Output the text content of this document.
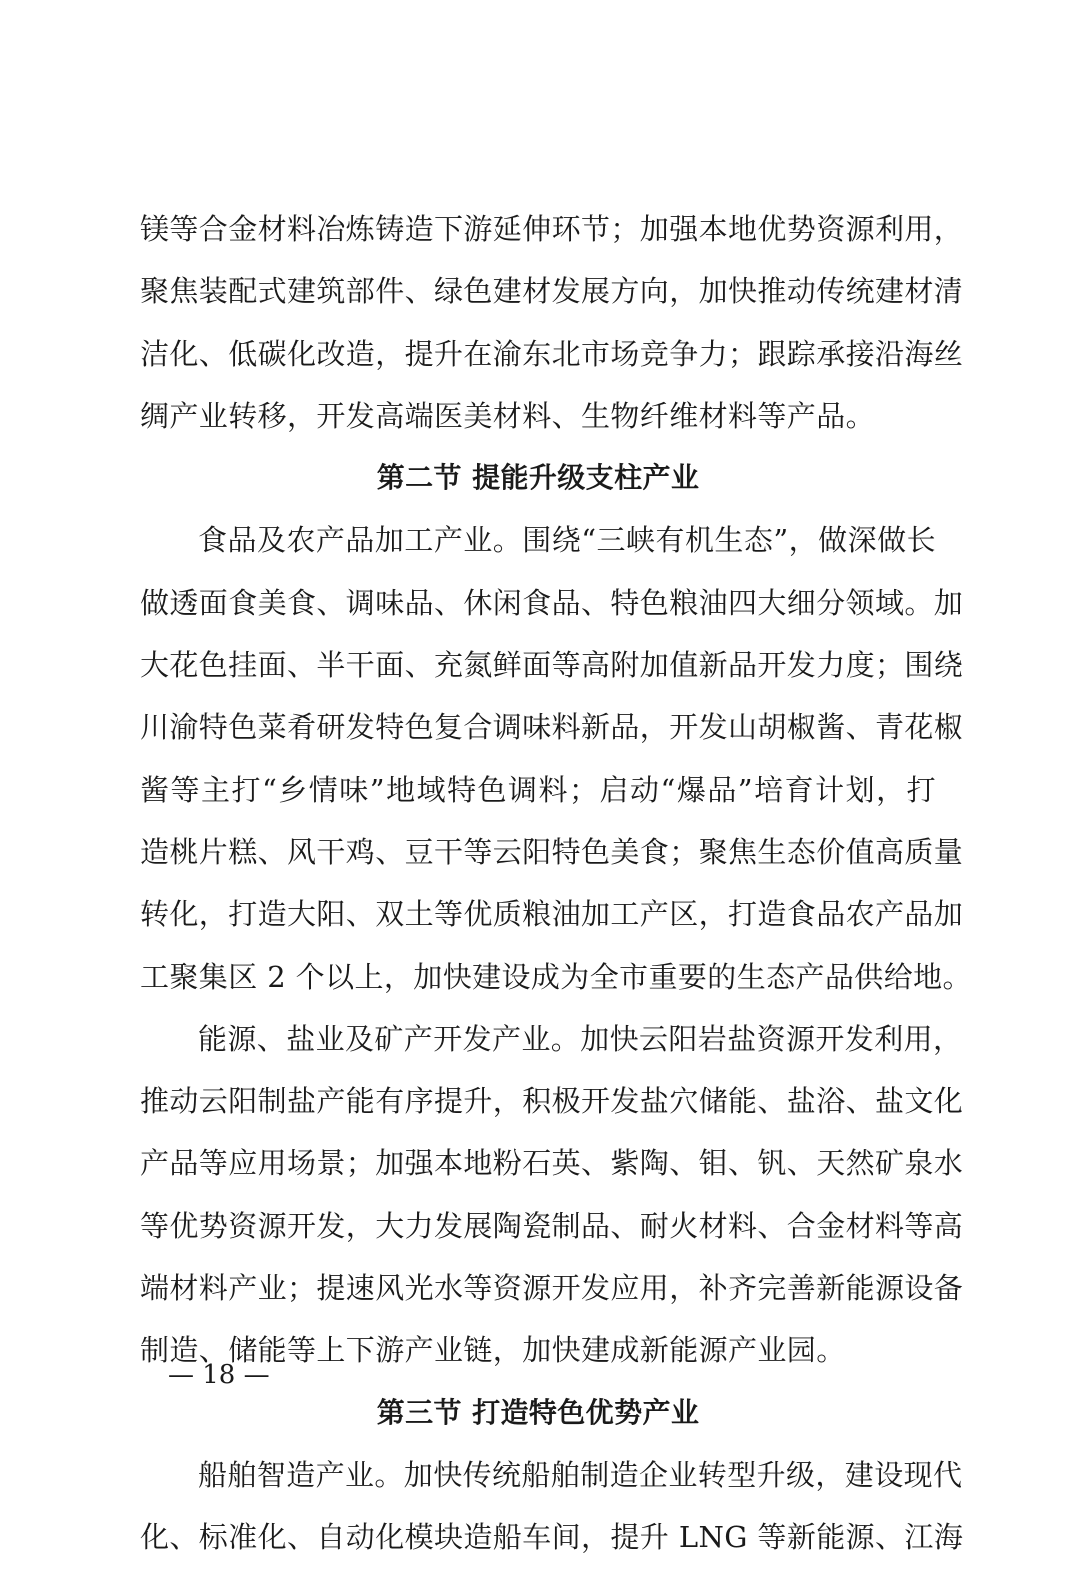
镁等合金材料冶炼铸造下游延伸环节；加强本地优势资源利用，
聚焦装配式建筑部件、绿色建材发展方向，加快推动传统建材清
洁化、低碳化改造，提升在渝东北市场竞争力；跟踪承接沿海丝
绸产业转移，开发高端医美材料、生物纤维材料等产品。
第二节 提能升级支柱产业
食品及农产品加工产业。围绕“三峡有机生态”，做深做长
做透面食美食、调味品、休闲食品、特色粮油四大细分领域。加
大花色挂面、半干面、充氮鲜面等高附加值新品开发力度；围绕
川渝特色菜肴研发特色复合调味料新品，开发山胡椒酱、青花椒
酱等主打“乡情味”地域特色调料；启动“爆品”培育计划，打
造桃片糕、风干鸡、豆干等云阳特色美食；聚焦生态价值高质量
转化，打造大阳、双土等优质粮油加工产区，打造食品农产品加
工聚集区 2 个以上，加快建设成为全市重要的生态产品供给地。
能源、盐业及矿产开发产业。加快云阳岩盐资源开发利用，
推动云阳制盐产能有序提升，积极开发盐穴储能、盐浴、盐文化
产品等应用场景；加强本地粉石英、紫陶、钼、钒、天然矿泉水
等优势资源开发，大力发展陶瓷制品、耐火材料、合金材料等高
端材料产业；提速风光水等资源开发应用，补齐完善新能源设备
制造、储能等上下游产业链，加快建成新能源产业园。
第三节 打造特色优势产业
船舶智造产业。加快传统船舶制造企业转型升级，建设现代
化、标准化、自动化模块造船车间，提升 LNG 等新能源、江海
— 18 —
